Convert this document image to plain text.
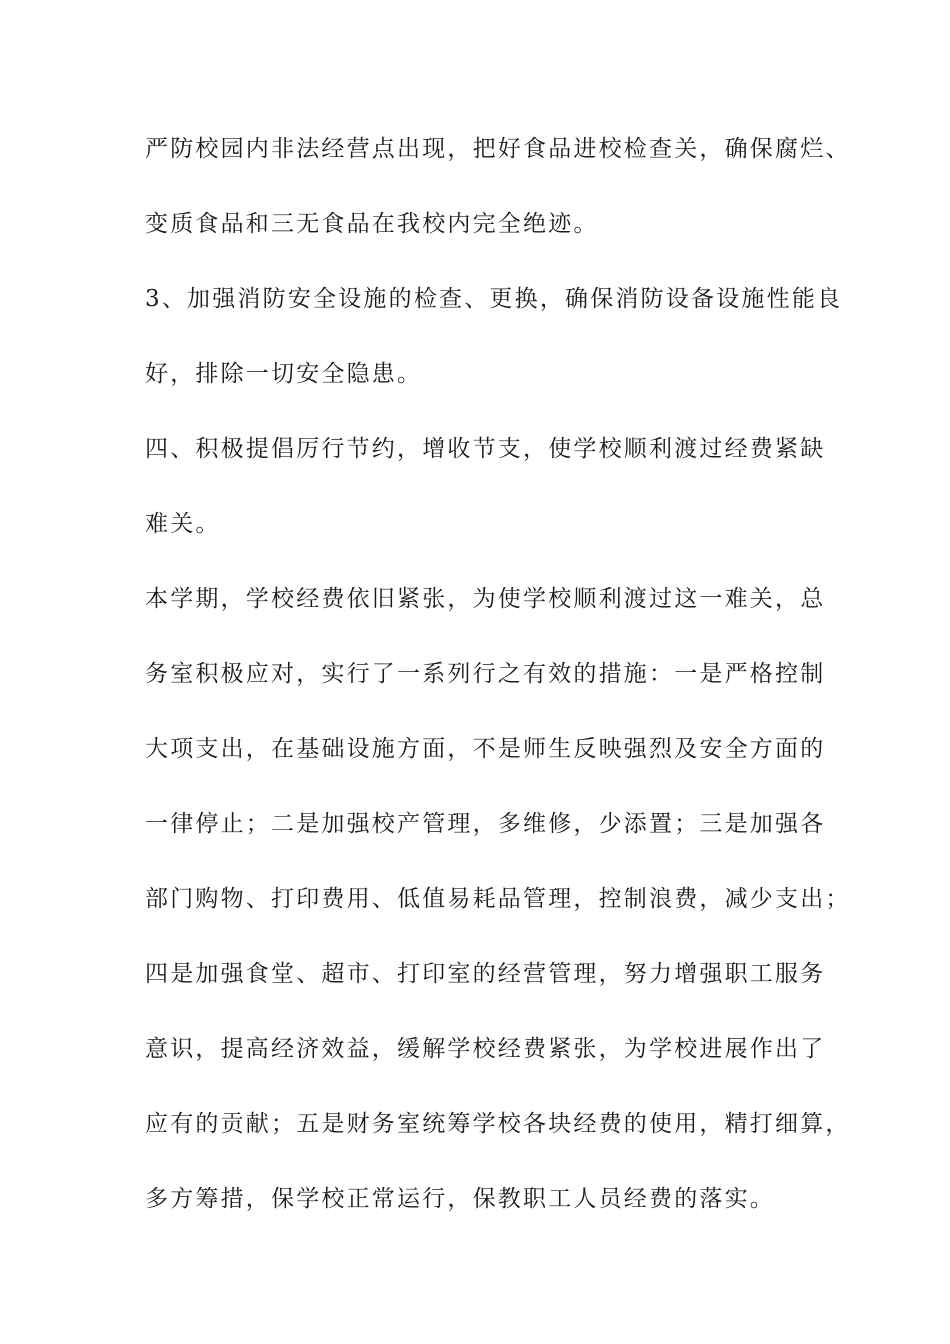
严防校园内非法经营点出现，把好食品进校检查关，确保腐烂、
变质食品和三无食品在我校内完全绝迹。
3、加强消防安全设施的检查、更换，确保消防设备设施性能良
好，排除一切安全隐患。
四、积极提倡厉行节约，增收节支，使学校顺利渡过经费紧缺
难关。
本学期，学校经费依旧紧张，为使学校顺利渡过这一难关，总
务室积极应对，实行了一系列行之有效的措施：一是严格控制
大项支出，在基础设施方面，不是师生反映强烈及安全方面的
一律停止；二是加强校产管理，多维修，少添置；三是加强各
部门购物、打印费用、低值易耗品管理，控制浪费，减少支出；
四是加强食堂、超市、打印室的经营管理，努力增强职工服务
意识，提高经济效益，缓解学校经费紧张，为学校进展作出了
应有的贡献；五是财务室统筹学校各块经费的使用，精打细算，
多方筹措，保学校正常运行，保教职工人员经费的落实。
